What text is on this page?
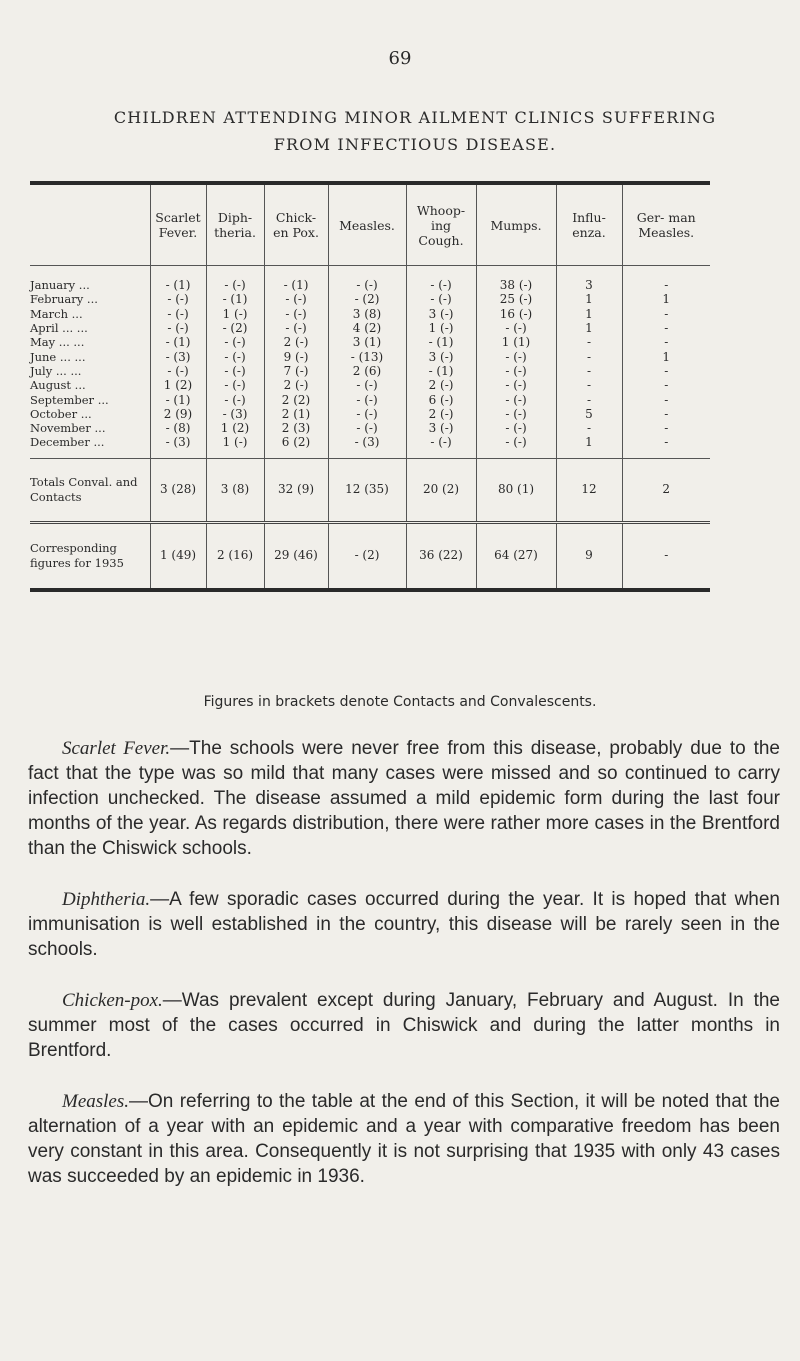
69
CHILDREN ATTENDING MINOR AILMENT CLINICS SUFFERING
FROM INFECTIOUS DISEASE.
	Scarlet Fever.	Diph- theria.	Chick- en Pox.	Measles.	Whoop- ing Cough.	Mumps.	Influ- enza.	Ger- man Measles.
January ...	- (1)	- (-)	- (1)	- (-)	- (-)	38 (-)	3	-
February ...	- (-)	- (1)	- (-)	- (2)	- (-)	25 (-)	1	1
March ...	- (-)	1 (-)	- (-)	3 (8)	3 (-)	16 (-)	1	-
April ... ...	- (-)	- (2)	- (-)	4 (2)	1 (-)	- (-)	1	-
May ... ...	- (1)	- (-)	2 (-)	3 (1)	- (1)	1 (1)	-	-
June ... ...	- (3)	- (-)	9 (-)	- (13)	3 (-)	- (-)	-	1
July ... ...	- (-)	- (-)	7 (-)	2 (6)	- (1)	- (-)	-	-
August ...	1 (2)	- (-)	2 (-)	- (-)	2 (-)	- (-)	-	-
September ...	- (1)	- (-)	2 (2)	- (-)	6 (-)	- (-)	-	-
October ...	2 (9)	- (3)	2 (1)	- (-)	2 (-)	- (-)	5	-
November ...	- (8)	1 (2)	2 (3)	- (-)	3 (-)	- (-)	-	-
December ...	- (3)	1 (-)	6 (2)	- (3)	- (-)	- (-)	1	-
Totals Conval. and Contacts	3 (28)	3 (8)	32 (9)	12 (35)	20 (2)	80 (1)	12	2
Corresponding figures for 1935	1 (49)	2 (16)	29 (46)	- (2)	36 (22)	64 (27)	9	-
Figures in brackets denote Contacts and Convalescents.

Scarlet Fever.—The schools were never free from this disease, probably due to the fact that the type was so mild that many cases were missed and so continued to carry infection unchecked. The disease assumed a mild epidemic form during the last four months of the year. As regards distribution, there were rather more cases in the Brentford than the Chiswick schools.

Diphtheria.—A few sporadic cases occurred during the year. It is hoped that when immunisation is well established in the country, this disease will be rarely seen in the schools.

Chicken-pox.—Was prevalent except during January, February and August. In the summer most of the cases occurred in Chiswick and during the latter months in Brentford.

Measles.—On referring to the table at the end of this Section, it will be noted that the alternation of a year with an epidemic and a year with comparative freedom has been very constant in this area. Consequently it is not surprising that 1935 with only 43 cases was succeeded by an epidemic in 1936.
